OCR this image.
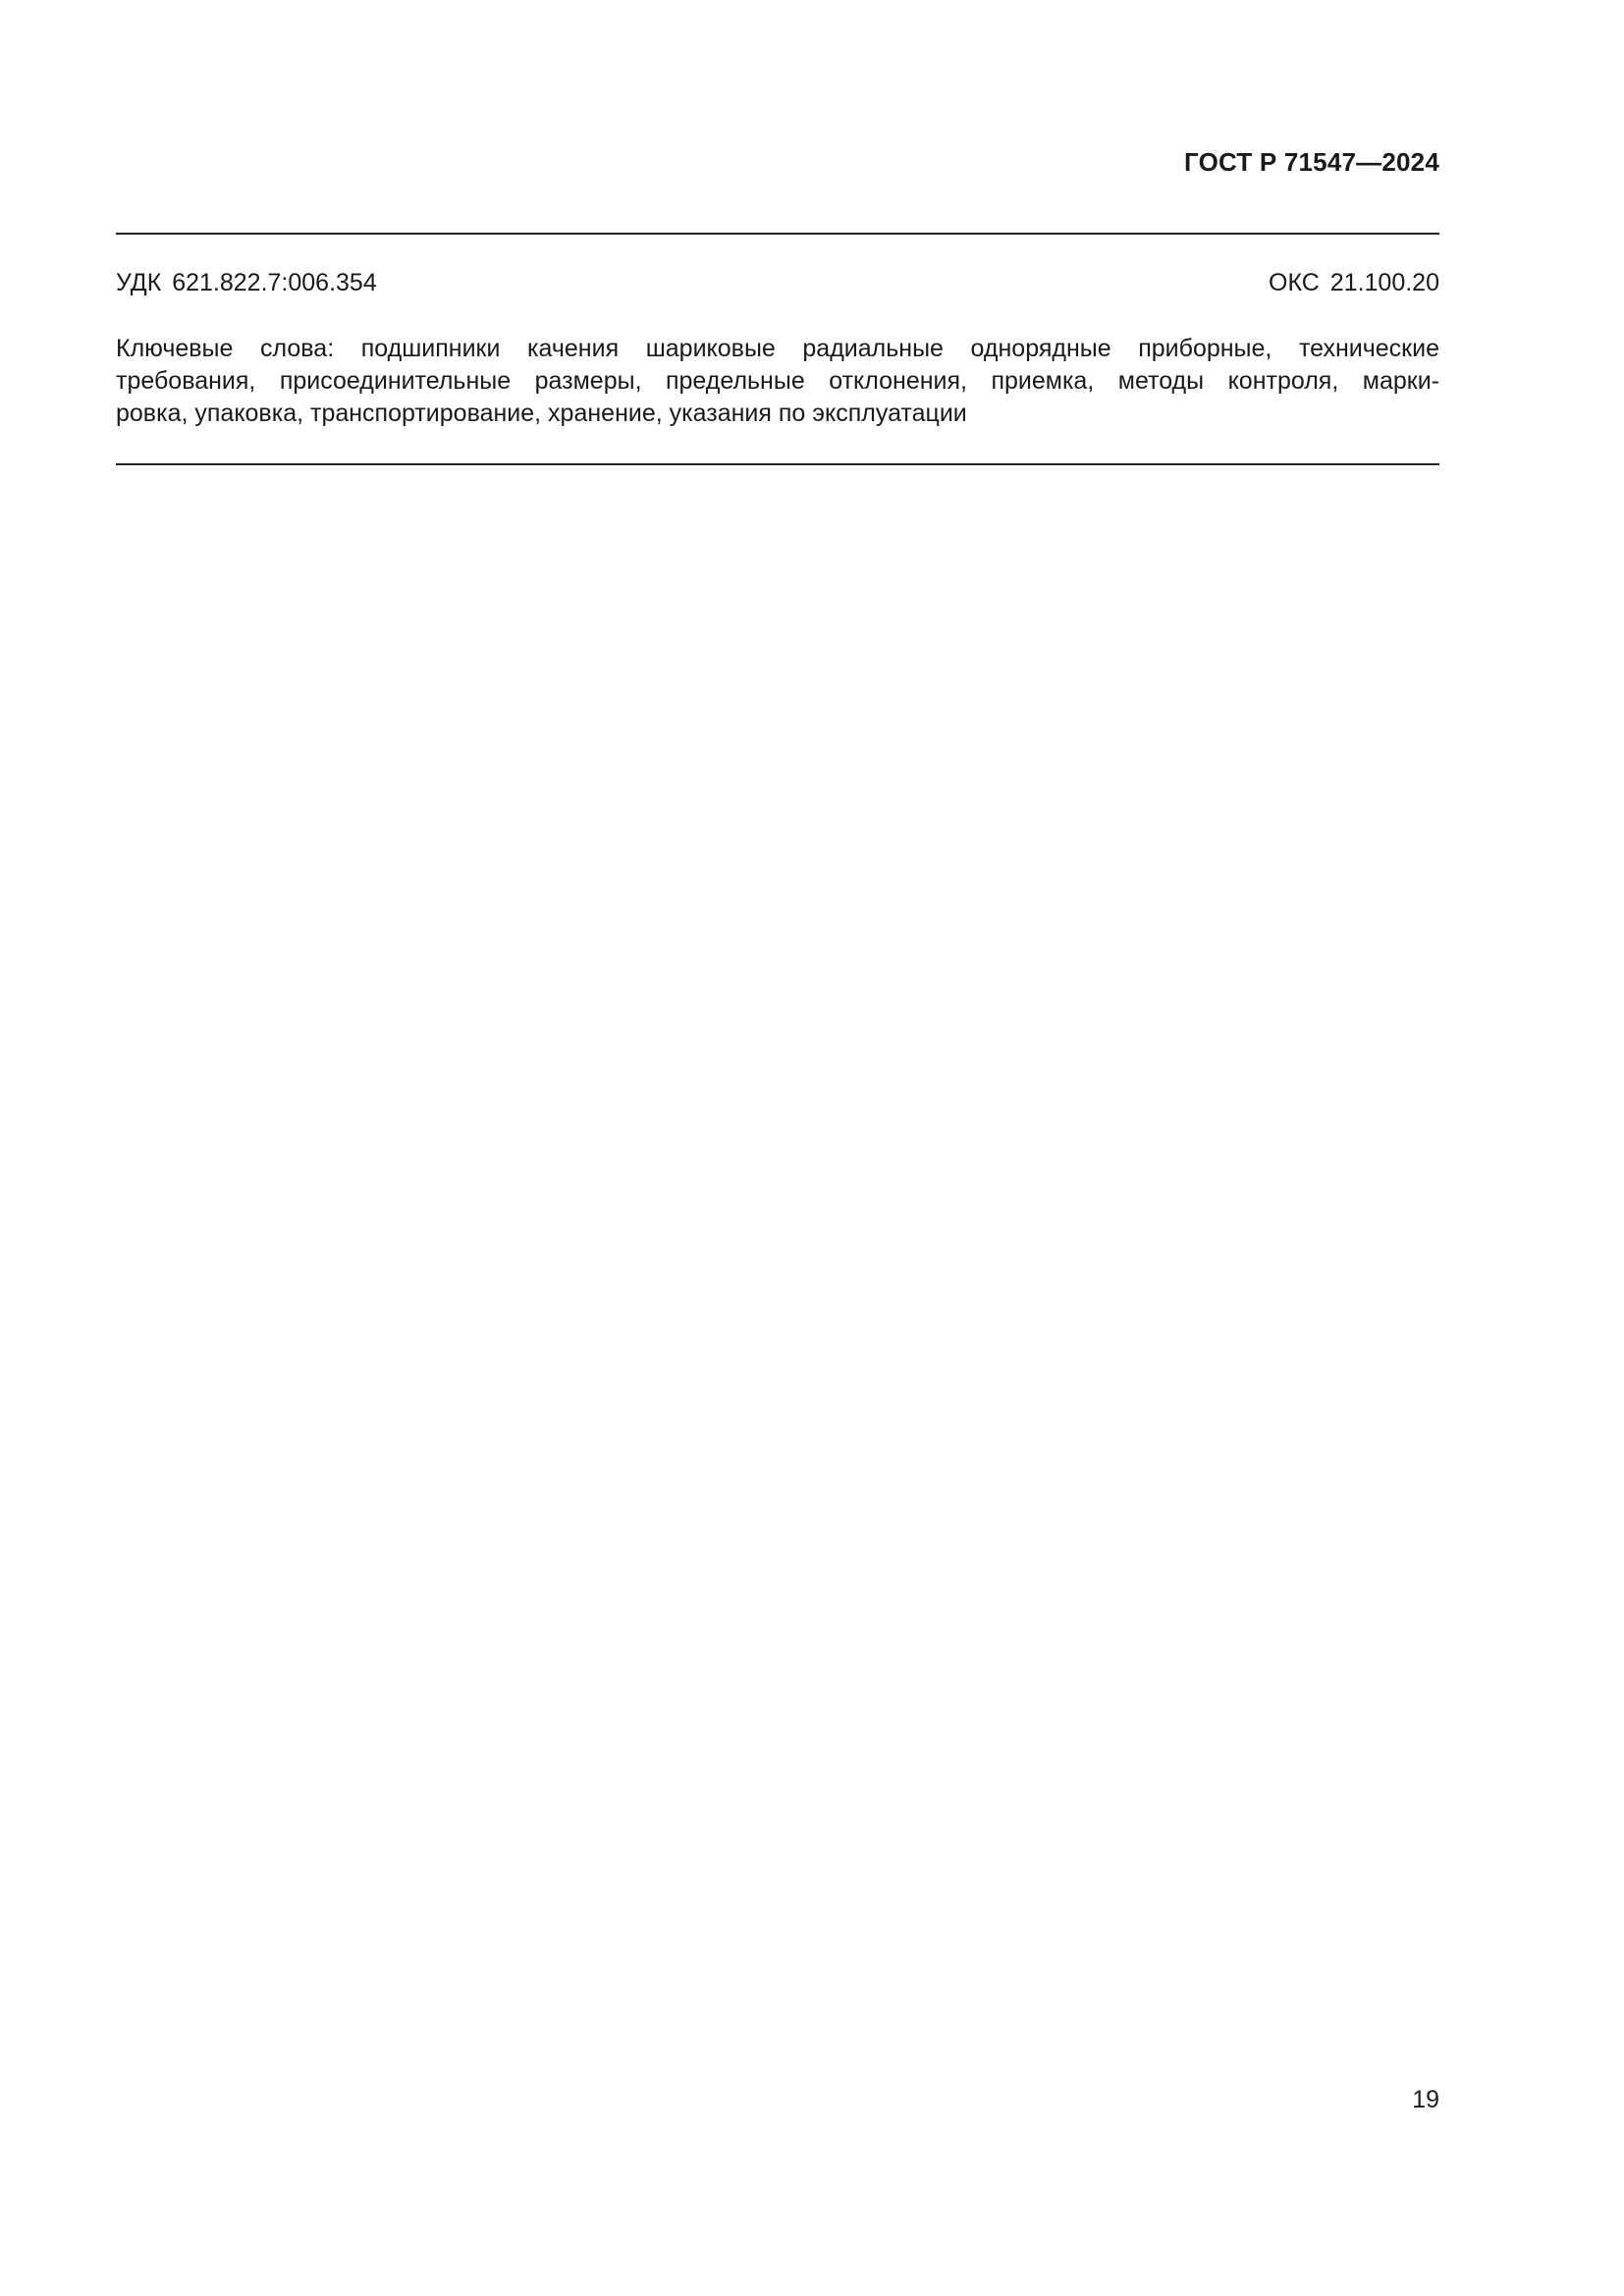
ГОСТ Р 71547—2024
УДК 621.822.7:006.354	ОКС 21.100.20
Ключевые слова: подшипники качения шариковые радиальные однорядные приборные, технические
требования, присоединительные размеры, предельные отклонения, приемка, методы контроля, марки-
ровка, упаковка, транспортирование, хранение, указания по эксплуатации
19
